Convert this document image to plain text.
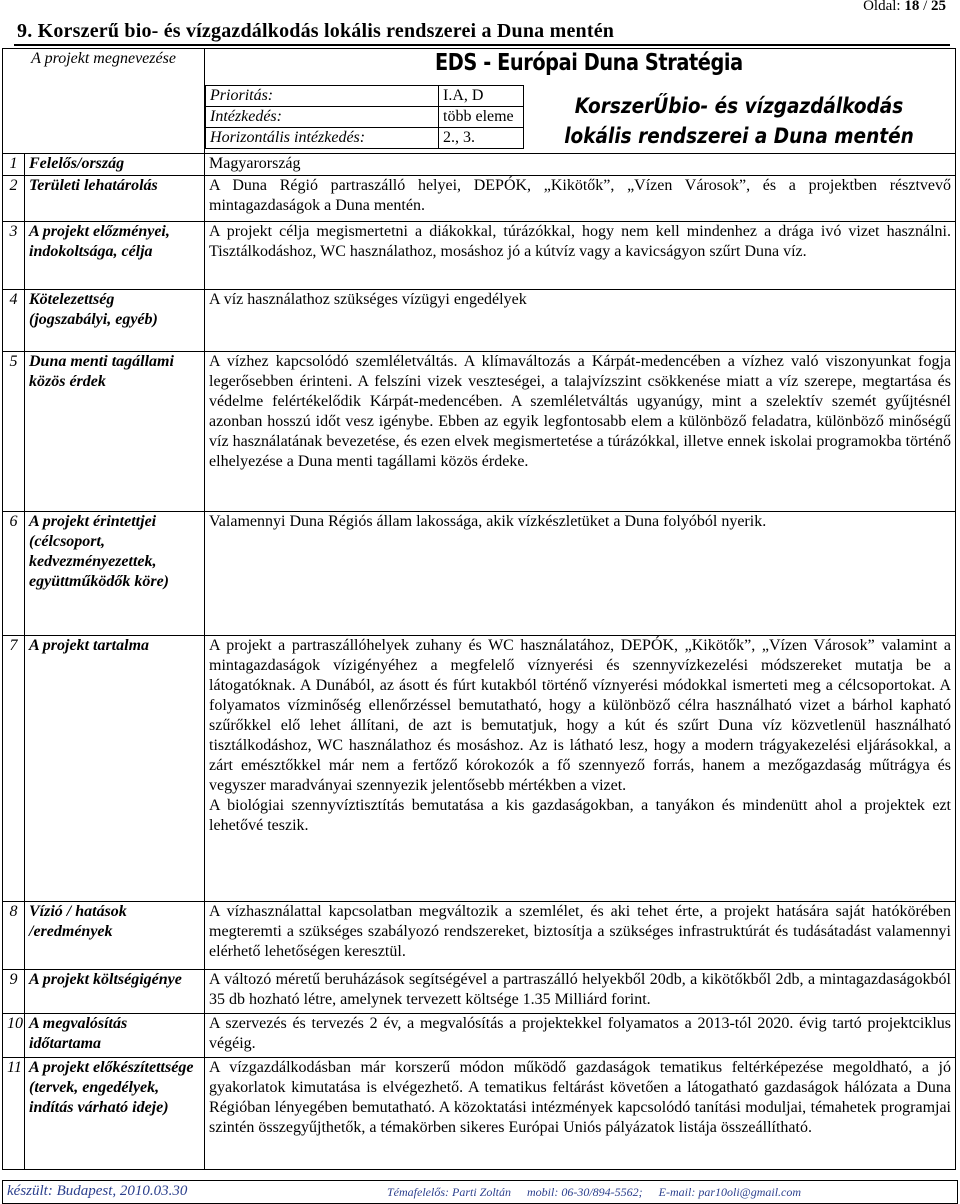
9. Korszerű bio- és vízgazdálkodás lokális rendszerei a Duna mentén
Oldal: 18 / 25
A projekt megnevezése	EDS - Európai Duna Stratégia
Prioritás:	I.A, D
Intézkedés:	több eleme
Horizontális intézkedés:	2., 3.
KorszerŰbio- és vízgazdálkodás lokális rendszerei a Duna mentén

1	Felelős/ország	Magyarország
2	Területi lehatárolás	A Duna Régió partraszálló helyei, DEPÓK, „Kikötők”, „Vízen Városok”, és a projektben résztvevő mintagazdaságok a Duna mentén.
3	A projekt előzményei, indokoltsága, célja	A projekt célja megismertetni a diákokkal, túrázókkal, hogy nem kell mindenhez a drága ivó vizet használni. Tisztálkodáshoz, WC használathoz, mosáshoz jó a kútvíz vagy a kavicságyon szűrt Duna víz.
4	Kötelezettség (jogszabályi, egyéb)	A víz használathoz szükséges vízügyi engedélyek
5	Duna menti tagállami közös érdek	A vízhez kapcsolódó szemléletváltás. A klímaváltozás a Kárpát-medencében a vízhez való viszonyunkat fogja legerősebben érinteni. A felszíni vizek veszteségei, a talajvízszint csökkenése miatt a víz szerepe, megtartása és védelme felértékelődik Kárpát-medencében. A szemléletváltás ugyanúgy, mint a szelektív szemét gyűjtésnél azonban hosszú időt vesz igénybe. Ebben az egyik legfontosabb elem a különböző feladatra, különböző minőségű víz használatának bevezetése, és ezen elvek megismertetése a túrázókkal, illetve ennek iskolai programokba történő elhelyezése a Duna menti tagállami közös érdeke.
6	A projekt érintettjei (célcsoport, kedvezményezettek, együttműködők köre)	Valamennyi Duna Régiós állam lakossága, akik vízkészletüket a Duna folyóból nyerik.
7	A projekt tartalma	A projekt a partraszállóhelyek zuhany és WC használatához, DEPÓK, „Kikötők”, „Vízen Városok” valamint a mintagazdaságok vízigényéhez a megfelelő víznyerési és szennyvízkezelési módszereket mutatja be a látogatóknak. A Dunából, az ásott és fúrt kutakból történő víznyerési módokkal ismerteti meg a célcsoportokat. A folyamatos vízminőség ellenőrzéssel bemutatható, hogy a különböző célra használható vizet a bárhol kapható szűrőkkel elő lehet állítani, de azt is bemutatjuk, hogy a kút és szűrt Duna víz közvetlenül használható tisztálkodáshoz, WC használathoz és mosáshoz. Az is látható lesz, hogy a modern trágyakezelési eljárásokkal, a zárt emésztőkkel már nem a fertőző kórokozók a fő szennyező forrás, hanem a mezőgazdaság műtrágya és vegyszer maradványai szennyezik jelentősebb mértékben a vizet.
A biológiai szennyvíztisztítás bemutatása a kis gazdaságokban, a tanyákon és mindenütt ahol a projektek ezt lehetővé teszik.

8	Vízió / hatások /eredmények	A vízhasználattal kapcsolatban megváltozik a szemlélet, és aki tehet érte, a projekt hatására saját hatókörében megteremti a szükséges szabályozó rendszereket, biztosítja a szükséges infrastruktúrát és tudásátadást valamennyi elérhető lehetőségen keresztül.
9	A projekt költségigénye	A változó méretű beruházások segítségével a partraszálló helyekből 20db, a kikötőkből 2db, a mintagazdaságokból 35 db hozható létre, amelynek tervezett költsége 1.35 Milliárd forint.
10	A megvalósítás időtartama	A szervezés és tervezés 2 év, a megvalósítás a projektekkel folyamatos a 2013-tól 2020. évig tartó projektciklus végéig.
11	A projekt előkészítettsége (tervek, engedélyek, indítás várható ideje)	A vízgazdálkodásban már korszerű módon működő gazdaságok tematikus feltérképezése megoldható, a jó gyakorlatok kimutatása is elvégezhető. A tematikus feltárást követően a látogatható gazdaságok hálózata a Duna Régióban lényegében bemutatható. A közoktatási intézmények kapcsolódó tanítási moduljai, témahetek programjai szintén összegyűjthetők, a témakörben sikeres Európai Uniós pályázatok listája összeállítható.
készült: Budapest, 2010.03.30	Témafelelős: Parti Zoltán mobil: 06-30/894-5562; E-mail: par10oli@gmail.com
